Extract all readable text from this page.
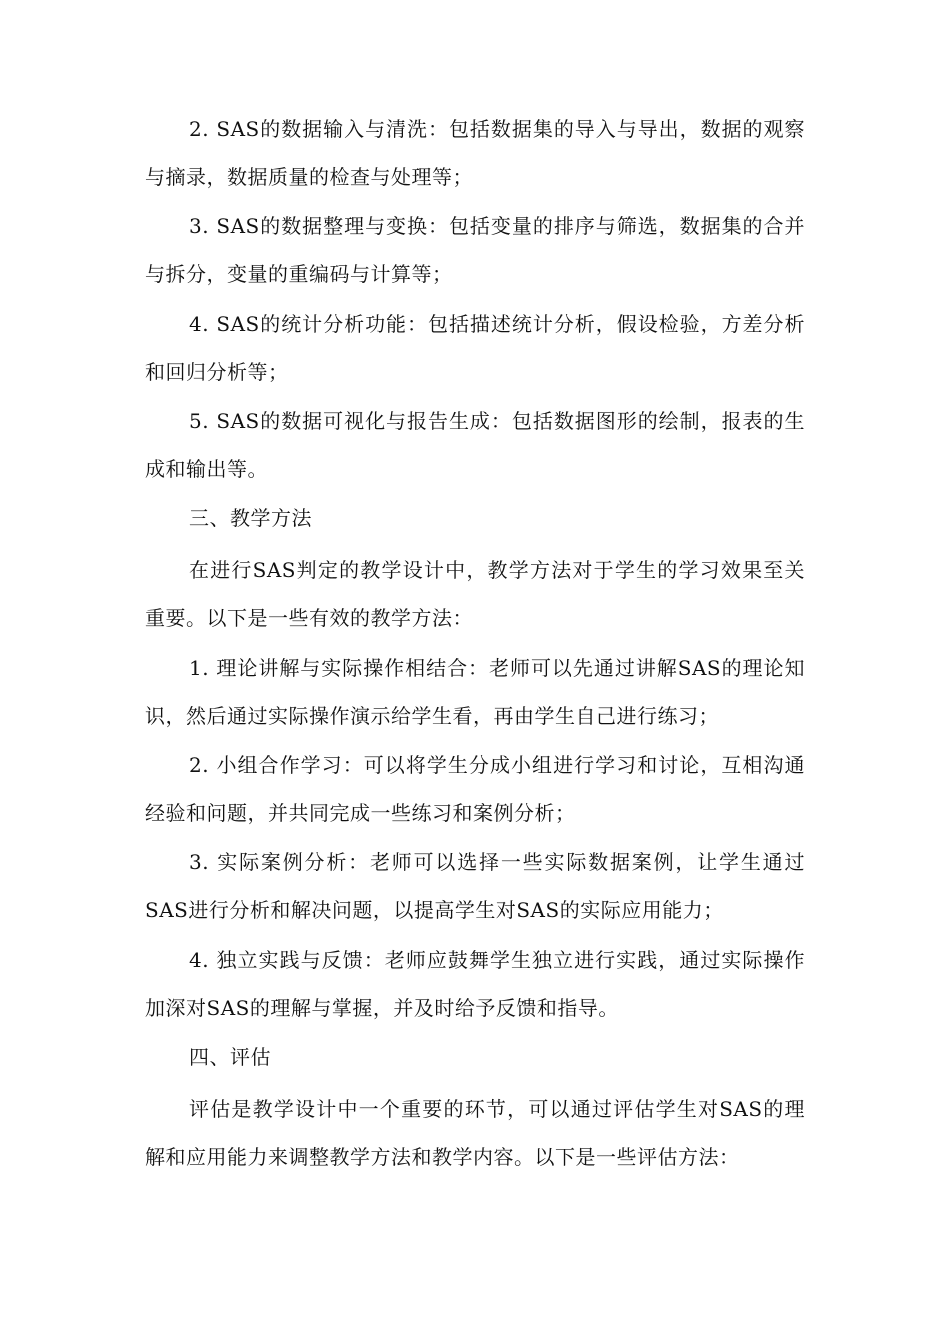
2. SAS的数据输入与清洗：包括数据集的导入与导出，数据的观察与摘录，数据质量的检查与处理等；

3. SAS的数据整理与变换：包括变量的排序与筛选，数据集的合并与拆分，变量的重编码与计算等；

4. SAS的统计分析功能：包括描述统计分析，假设检验，方差分析和回归分析等；

5. SAS的数据可视化与报告生成：包括数据图形的绘制，报表的生成和输出等。

三、教学方法

在进行SAS判定的教学设计中，教学方法对于学生的学习效果至关重要。以下是一些有效的教学方法：

1. 理论讲解与实际操作相结合：老师可以先通过讲解SAS的理论知识，然后通过实际操作演示给学生看，再由学生自己进行练习；

2. 小组合作学习：可以将学生分成小组进行学习和讨论，互相沟通经验和问题，并共同完成一些练习和案例分析；

3. 实际案例分析：老师可以选择一些实际数据案例，让学生通过SAS进行分析和解决问题，以提高学生对SAS的实际应用能力；

4. 独立实践与反馈：老师应鼓舞学生独立进行实践，通过实际操作加深对SAS的理解与掌握，并及时给予反馈和指导。

四、评估

评估是教学设计中一个重要的环节，可以通过评估学生对SAS的理解和应用能力来调整教学方法和教学内容。以下是一些评估方法：
